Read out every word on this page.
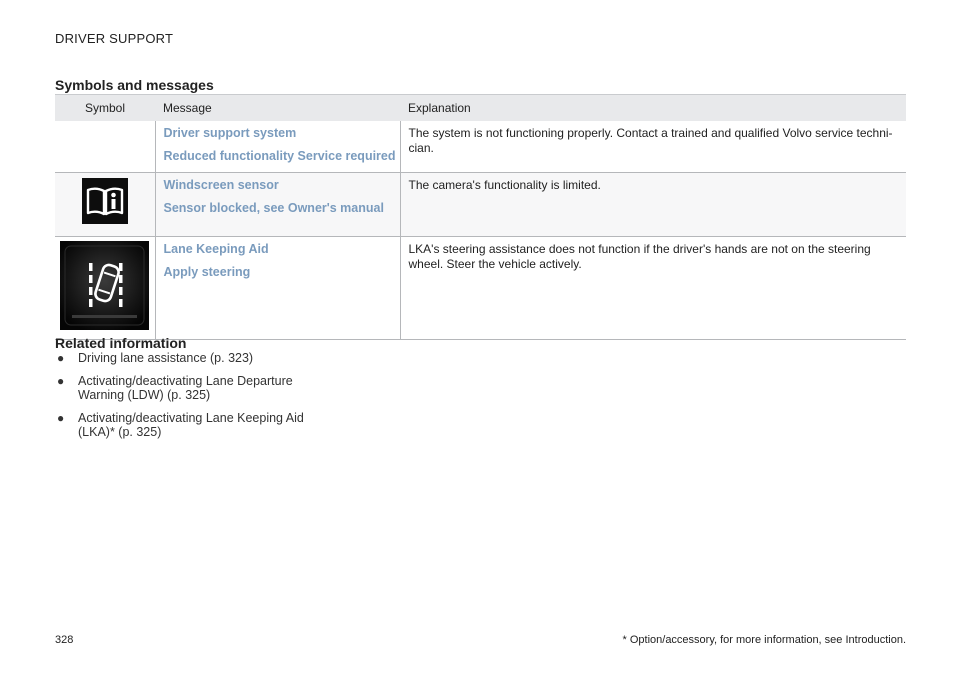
DRIVER SUPPORT
Symbols and messages
Symbol	Message	Explanation

	Driver support system
Reduced functionality Service required	The system is not functioning properly. Contact a trained and qualified Volvo service techni-cian.

Windscreen sensor
Sensor blocked, see Owner's manual	The camera's functionality is limited.

Lane Keeping Aid
Apply steering	LKA's steering assistance does not function if the driver's hands are not on the steering wheel. Steer the vehicle actively.
Related information
● Driving lane assistance (p. 323)
● Activating/deactivating Lane Departure Warning (LDW) (p. 325)
● Activating/deactivating Lane Keeping Aid (LKA)* (p. 325)
328	* Option/accessory, for more information, see Introduction.
